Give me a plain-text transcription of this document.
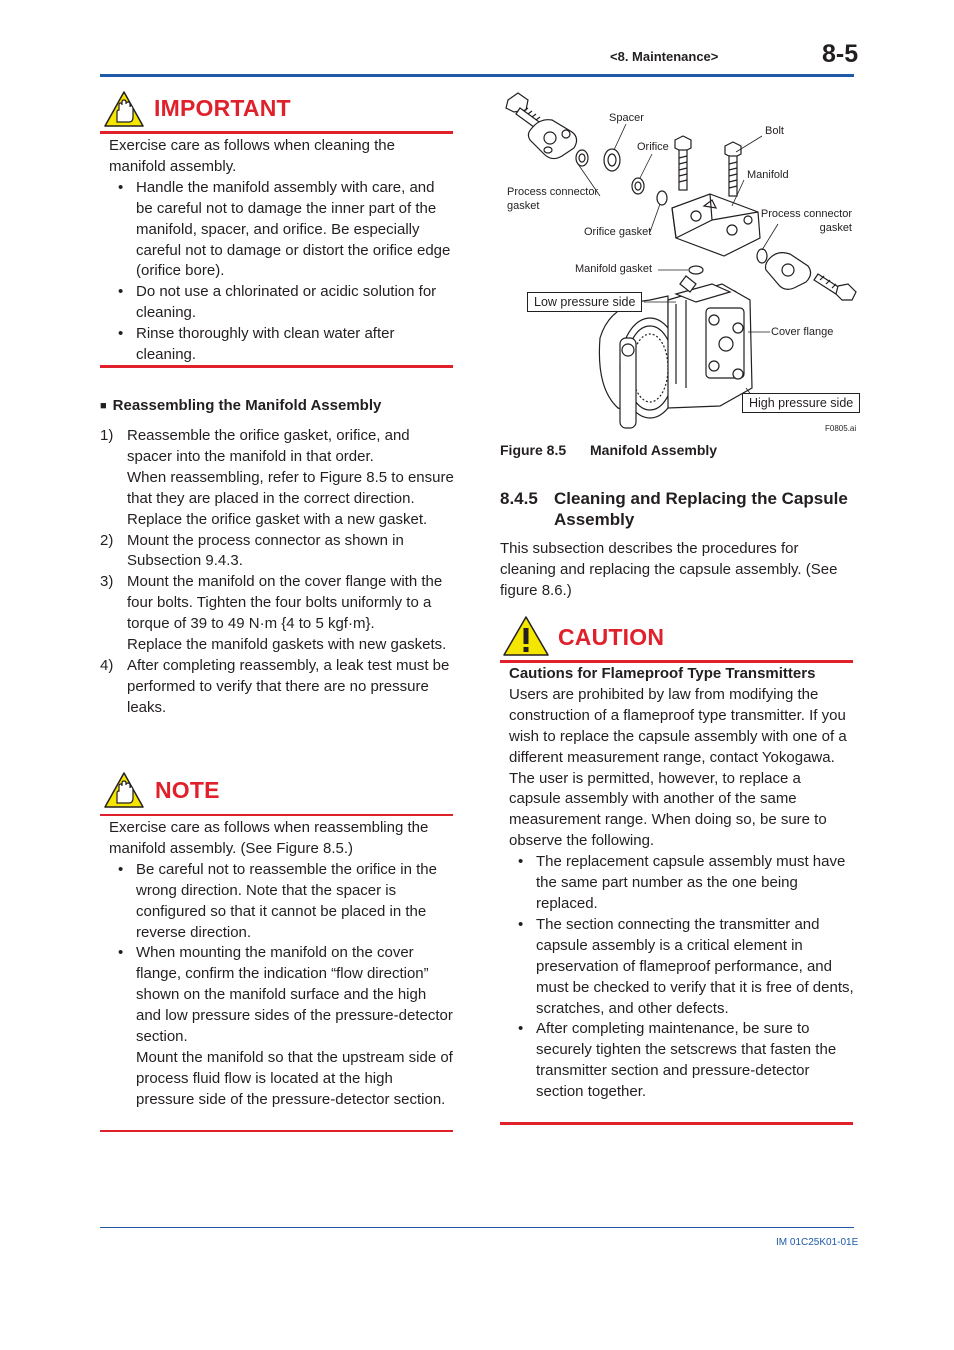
<8. Maintenance>	8-5
IMPORTANT

Exercise care as follows when cleaning the manifold assembly.

• Handle the manifold assembly with care, and be careful not to damage the inner part of the manifold, spacer, and orifice. Be especially careful not to damage or distort the orifice edge (orifice bore).
• Do not use a chlorinated or acidic solution for cleaning.
• Rinse thoroughly with clean water after cleaning.
■ Reassembling the Manifold Assembly
1) Reassemble the orifice gasket, orifice, and spacer into the manifold in that order.
When reassembling, refer to Figure 8.5 to ensure that they are placed in the correct direction.
Replace the orifice gasket with a new gasket.
2) Mount the process connector as shown in Subsection 9.4.3.
3) Mount the manifold on the cover flange with the four bolts. Tighten the four bolts uniformly to a torque of 39 to 49 N·m {4 to 5 kgf·m}.
Replace the manifold gaskets with new gaskets.
4) After completing reassembly, a leak test must be performed to verify that there are no pressure leaks.
NOTE

Exercise care as follows when reassembling the manifold assembly. (See Figure 8.5.)

• Be careful not to reassemble the orifice in the wrong direction. Note that the spacer is configured so that it cannot be placed in the reverse direction.
• When mounting the manifold on the cover flange, confirm the indication “flow direction” shown on the manifold surface and the high and low pressure sides of the pressure-detector section.
Mount the manifold so that the upstream side of process fluid flow is located at the high pressure side of the pressure-detector section.
Spacer
Bolt
Orifice
Manifold
Process connector
gasket
Process connector
gasket
Orifice gasket
Manifold gasket
Low pressure side
Cover flange
High pressure side
F0805.ai
Figure 8.5 Manifold Assembly
8.4.5 Cleaning and Replacing the Capsule Assembly
This subsection describes the procedures for cleaning and replacing the capsule assembly. (See figure 8.6.)
CAUTION

Cautions for Flameproof Type Transmitters

Users are prohibited by law from modifying the construction of a flameproof type transmitter. If you wish to replace the capsule assembly with one of a different measurement range, contact Yokogawa.

The user is permitted, however, to replace a capsule assembly with another of the same measurement range. When doing so, be sure to observe the following.

• The replacement capsule assembly must have the same part number as the one being replaced.
• The section connecting the transmitter and capsule assembly is a critical element in preservation of flameproof performance, and must be checked to verify that it is free of dents, scratches, and other defects.
• After completing maintenance, be sure to securely tighten the setscrews that fasten the transmitter section and pressure-detector section together.
IM 01C25K01-01E
